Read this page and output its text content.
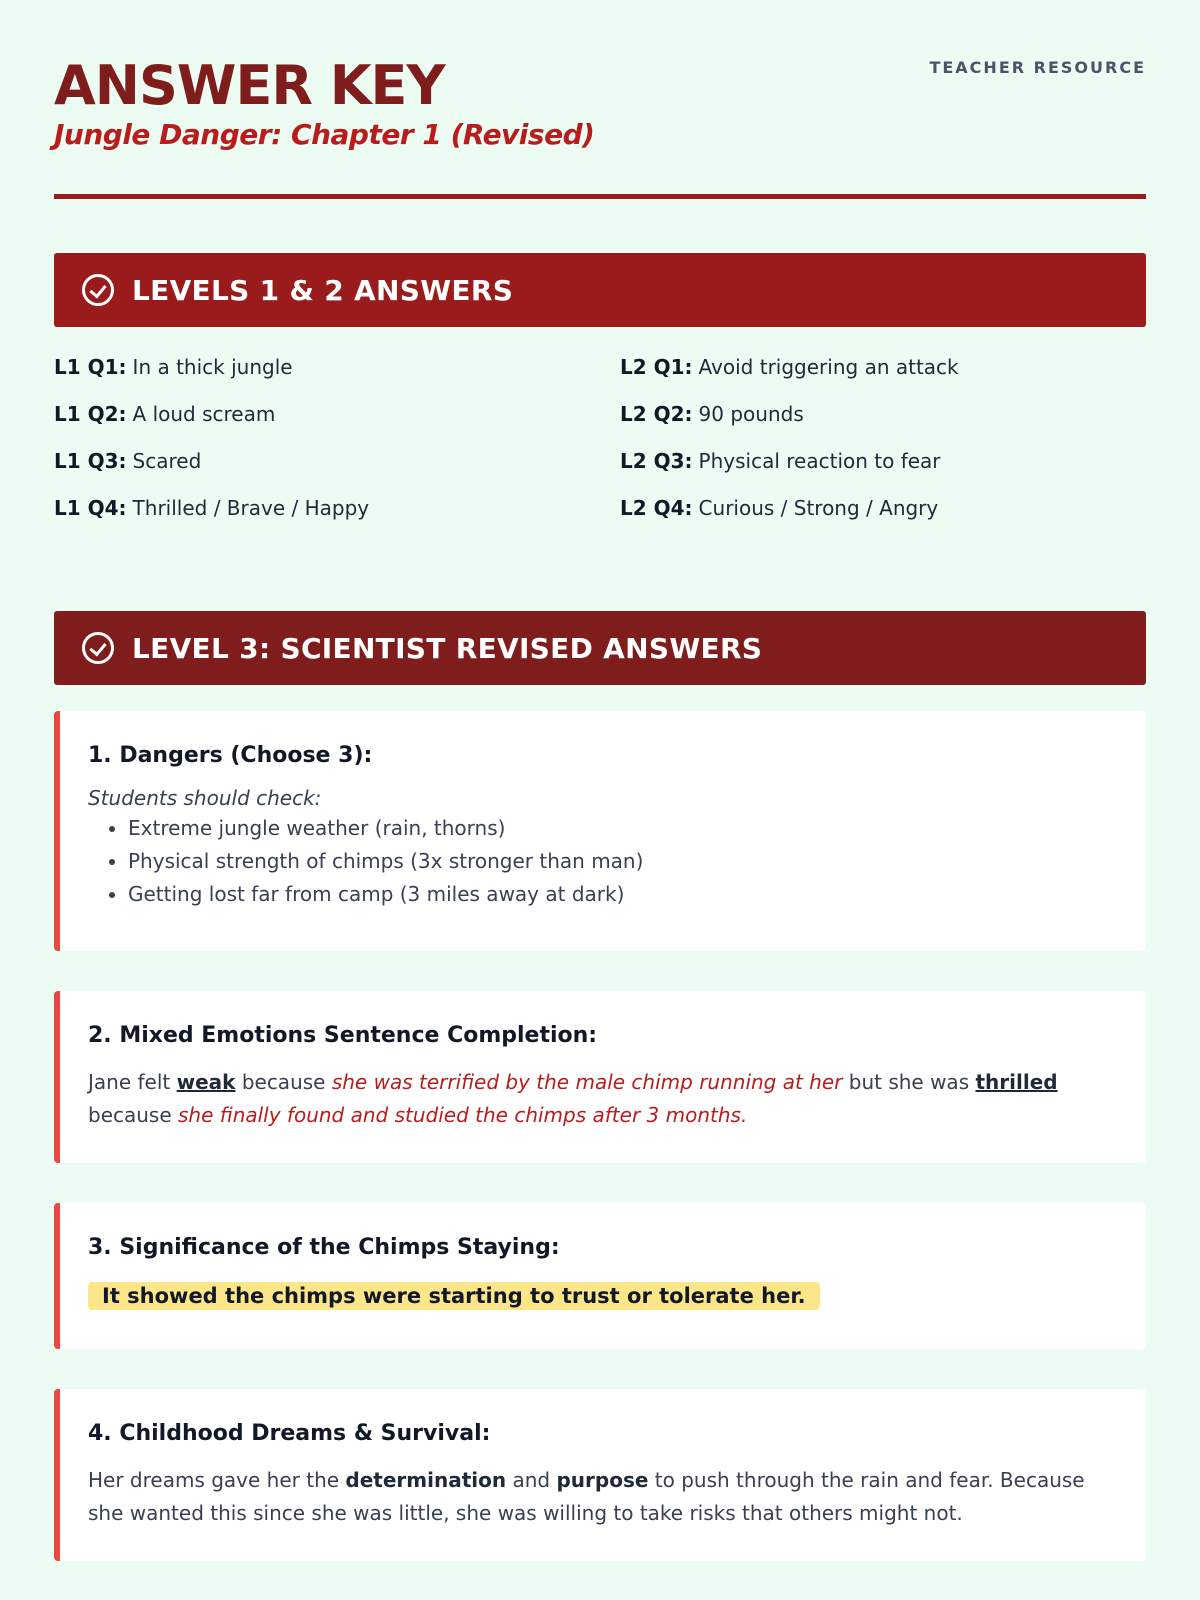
ANSWER KEY
Jungle Danger: Chapter 1 (Revised)
TEACHER RESOURCE
LEVELS 1 & 2 ANSWERS
L1 Q1: In a thick jungle
L1 Q2: A loud scream
L1 Q3: Scared
L1 Q4: Thrilled / Brave / Happy
L2 Q1: Avoid triggering an attack
L2 Q2: 90 pounds
L2 Q3: Physical reaction to fear
L2 Q4: Curious / Strong / Angry
LEVEL 3: SCIENTIST REVISED ANSWERS
1. Dangers (Choose 3):
Students should check:
• Extreme jungle weather (rain, thorns)
• Physical strength of chimps (3x stronger than man)
• Getting lost far from camp (3 miles away at dark)
2. Mixed Emotions Sentence Completion:

Jane felt weak because she was terrified by the male chimp running at her but she was thrilled because she finally found and studied the chimps after 3 months.

3. Significance of the Chimps Staying:
It showed the chimps were starting to trust or tolerate her.
4. Childhood Dreams & Survival:

Her dreams gave her the determination and purpose to push through the rain and fear. Because she wanted this since she was little, she was willing to take risks that others might not.
